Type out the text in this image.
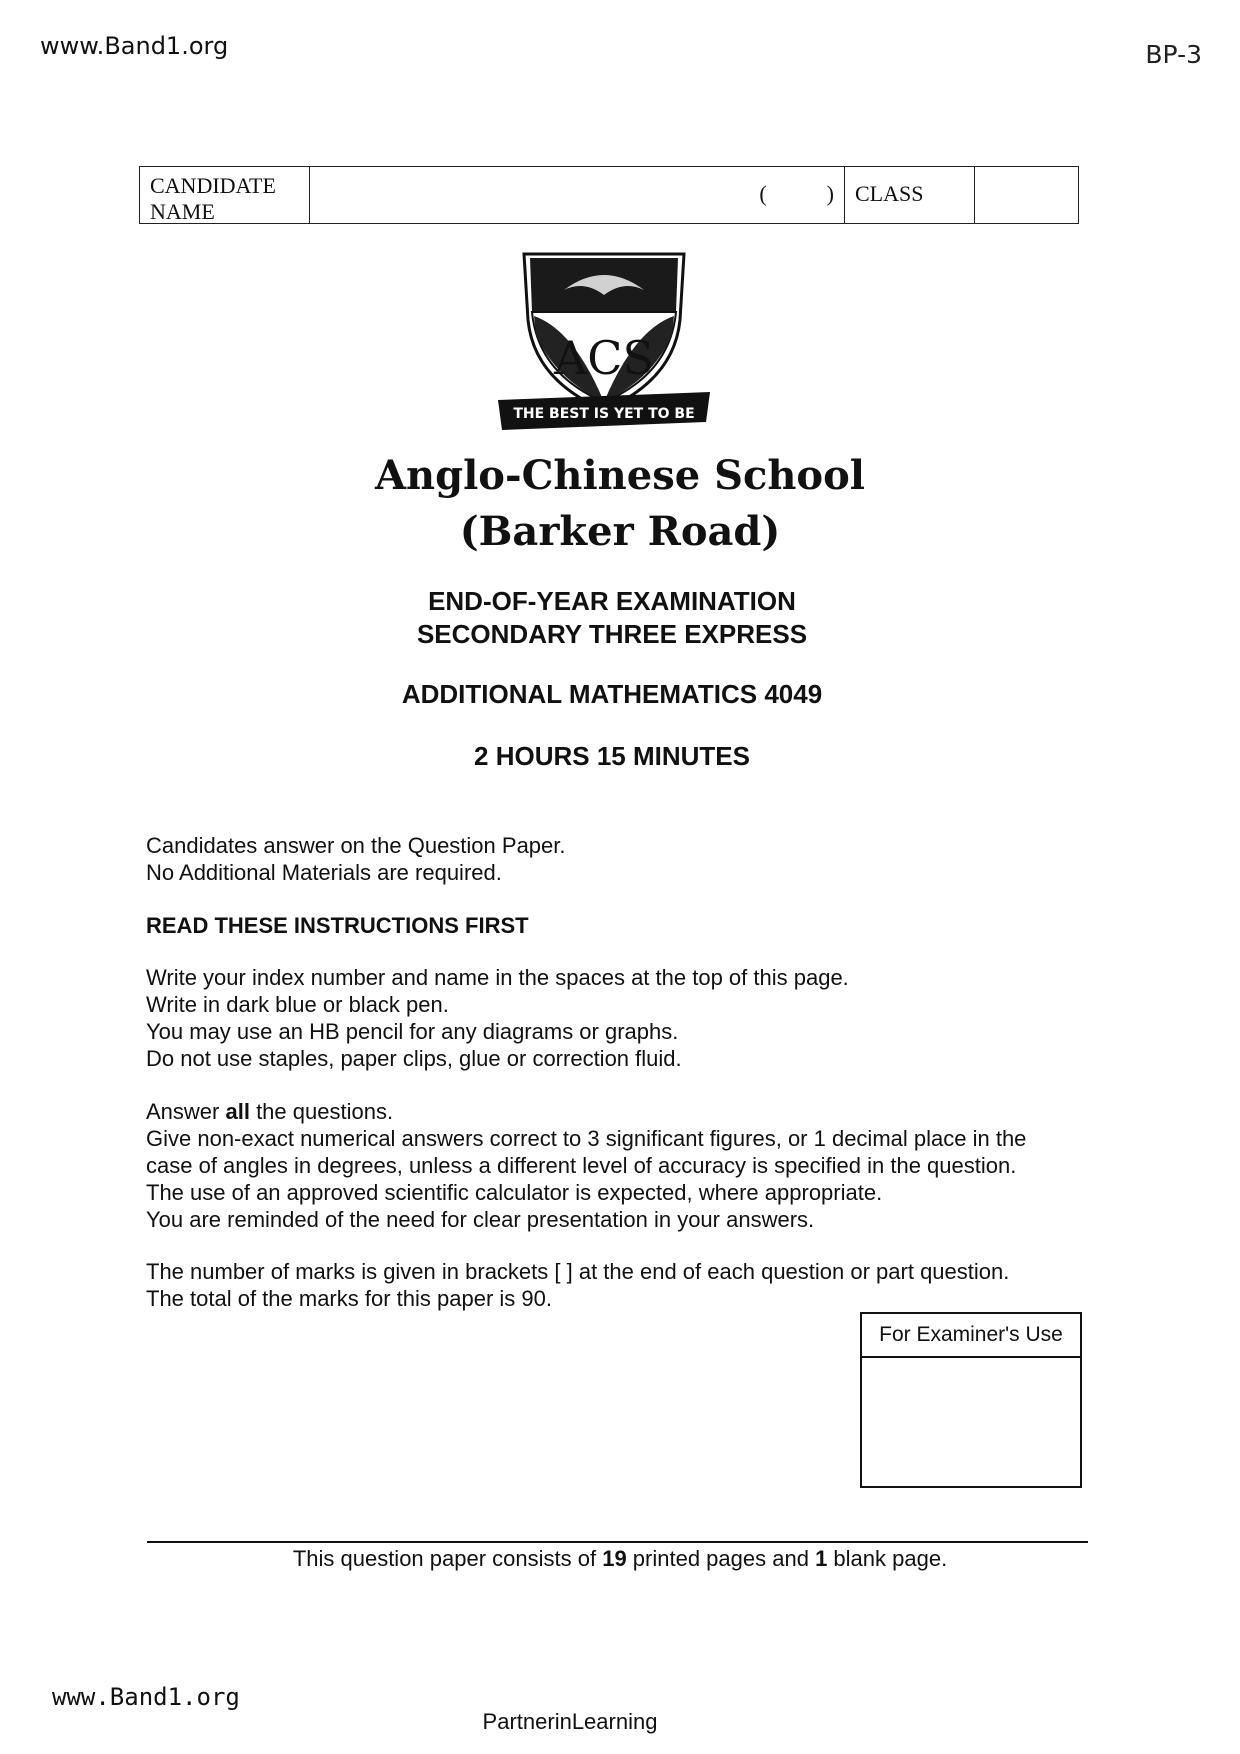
www.Band1.org	BP-3
CANDIDATE
NAME
(	) CLASS
ACS
THE BEST IS YET TO BE
Anglo-Chinese School
(Barker Road)
END-OF-YEAR EXAMINATION
SECONDARY THREE EXPRESS
ADDITIONAL MATHEMATICS 4049
2 HOURS 15 MINUTES

Candidates answer on the Question Paper.

No Additional Materials are required.

READ THESE INSTRUCTIONS FIRST

Write your index number and name in the spaces at the top of this page.

Write in dark blue or black pen.

You may use an HB pencil for any diagrams or graphs.

Do not use staples, paper clips, glue or correction fluid.

Answer all the questions.

Give non-exact numerical answers correct to 3 significant figures, or 1 decimal place in the

case of angles in degrees, unless a different level of accuracy is specified in the question.

The use of an approved scientific calculator is expected, where appropriate.

You are reminded of the need for clear presentation in your answers.

The number of marks is given in brackets [ ] at the end of each question or part question.

The total of the marks for this paper is 90.

For Examiner's Use
This question paper consists of 19 printed pages and 1 blank page.
www.Band1.org
PartnerinLearning
